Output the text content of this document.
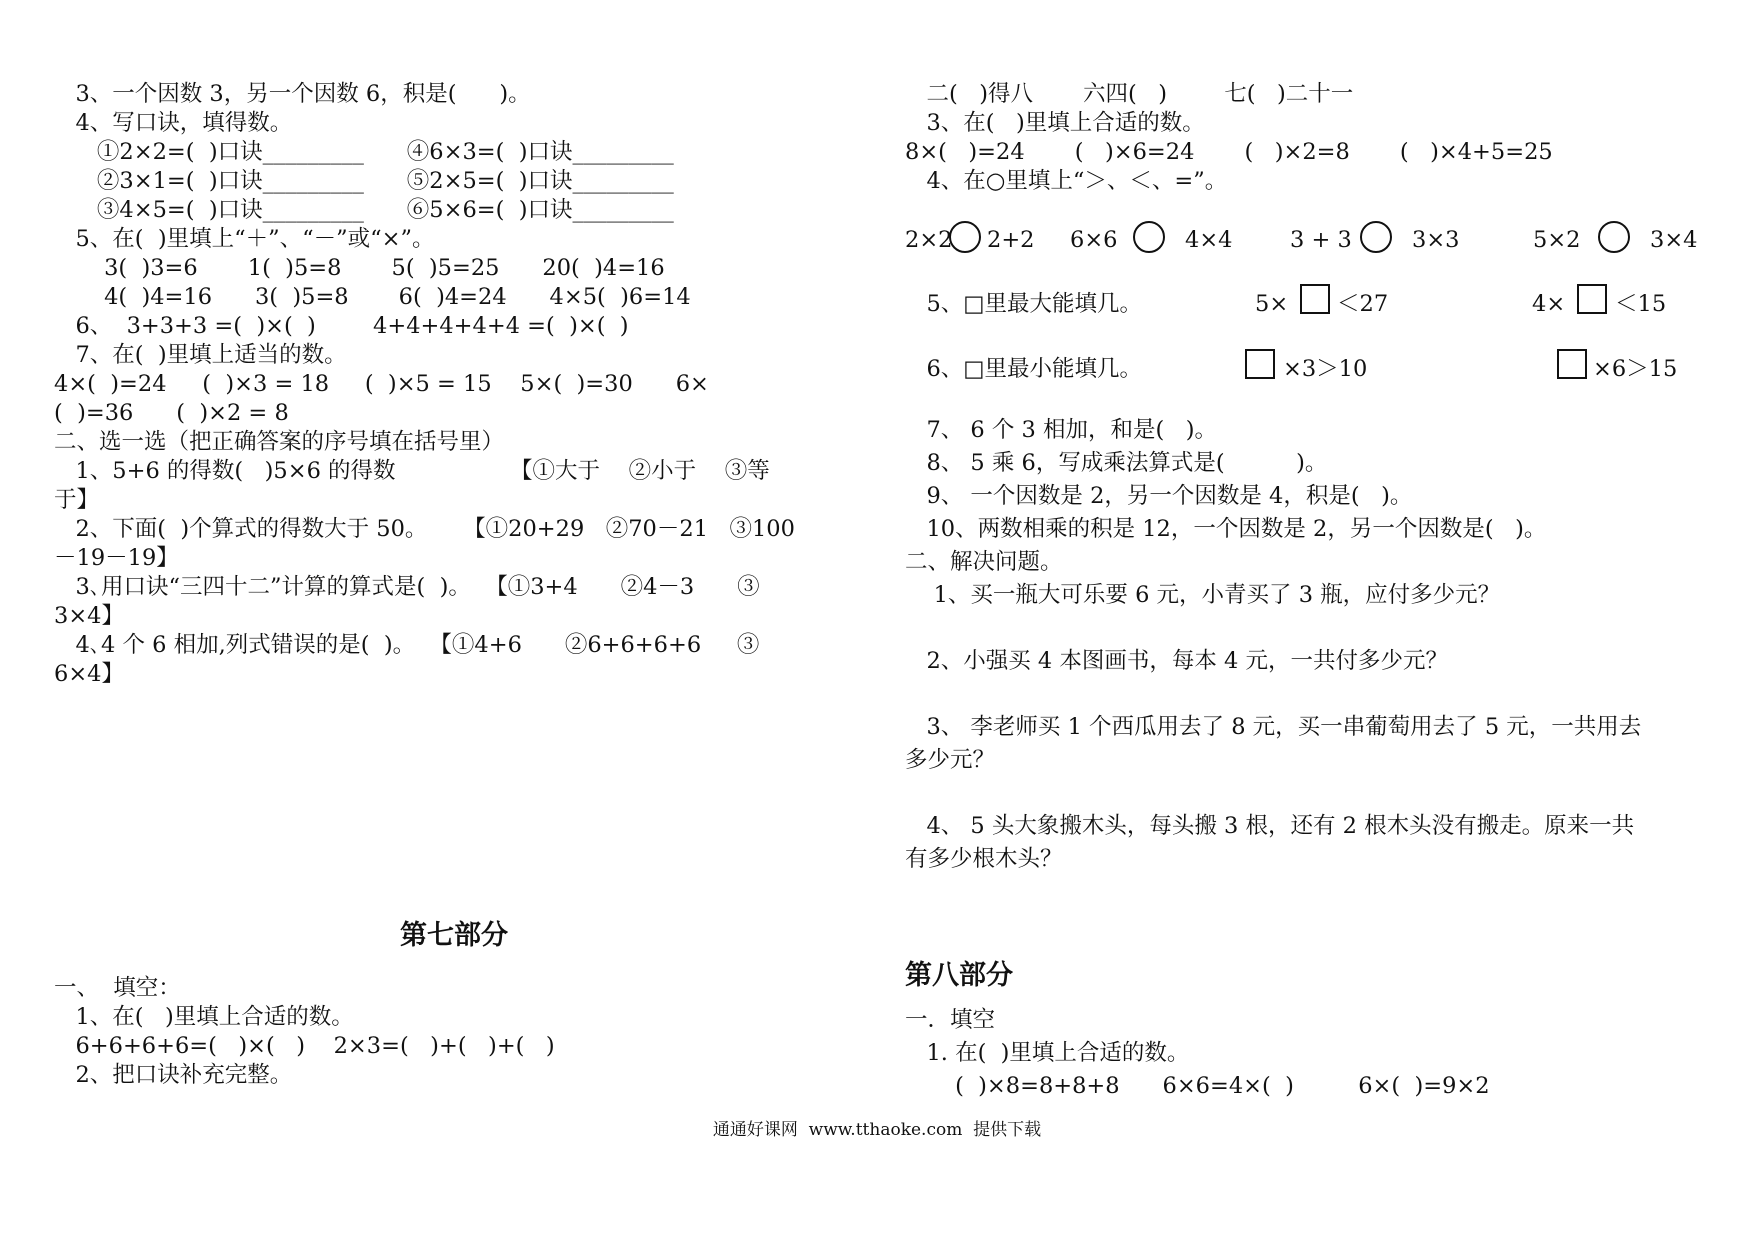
3、一个因数 3，另一个因数 6，积是(      )。
4、写口诀，填得数。
①2×2=(  )口诀_________      ④6×3=(  )口诀_________
②3×1=(  )口诀_________      ⑤2×5=(  )口诀_________
③4×5=(  )口诀_________      ⑥5×6=(  )口诀_________
5、在(  )里填上“＋”、“－”或“×”。
3(  )3=6       1(  )5=8       5(  )5=25      20(  )4=16
4(  )4=16      3(  )5=8       6(  )4=24      4×5(  )6=14
6、  3+3+3 =(  )×(  )        4+4+4+4+4 =(  )×(  )
7、在(  )里填上适当的数。
4×(  )=24     (  )×3 = 18     (  )×5 = 15    5×(  )=30      6×
(  )=36      (  )×2 = 8
二、选一选（把正确答案的序号填在括号里）
1、5+6 的得数(   )5×6 的得数                【①大于    ②小于    ③等
于】
2、下面(  )个算式的得数大于 50。     【①20+29   ②70－21   ③100
－19－19】
3､用口诀“三四十二”计算的算式是(  )。  【①3+4      ②4－3      ③
3×4】
4､4 个 6 相加,列式错误的是(  )。  【①4+6      ②6+6+6+6     ③
6×4】
第七部分
一、  填空：
1、在(   )里填上合适的数。
6+6+6+6=(   )×(   )    2×3=(   )+(   )+(   )
2、把口诀补充完整。
二(   )得八       六四(   )        七(   )二十一
3、在(   )里填上合适的数。
8×(   )=24       (   )×6=24       (   )×2=8       (   )×4+5=25
4、在○里填上“＞、＜、=”。
2×2 2+2 6×6	4×4	3 + 3	3×3	5×2	3×4
5、□里最大能填几。	5× ＜27	4× ＜15
6、□里最小能填几。	×3＞10	×6＞15
7、 6 个 3 相加，和是(   )。
8、 5 乘 6，写成乘法算式是(          )。
9、 一个因数是 2，另一个因数是 4，积是(   )。
10、两数相乘的积是 12，一个因数是 2，另一个因数是(   )。
二、解决问题。
1、买一瓶大可乐要 6 元，小青买了 3 瓶，应付多少元？
2、小强买 4 本图画书，每本 4 元，一共付多少元？
3、 李老师买 1 个西瓜用去了 8 元，买一串葡萄用去了 5 元，一共用去
多少元？
4、 5 头大象搬木头，每头搬 3 根，还有 2 根木头没有搬走。原来一共
有多少根木头？
第八部分
一．填空
1. 在(  )里填上合适的数。
(  )×8=8+8+8      6×6=4×(  )         6×(  )=9×2
通通好课网  www.tthaoke.com  提供下载
